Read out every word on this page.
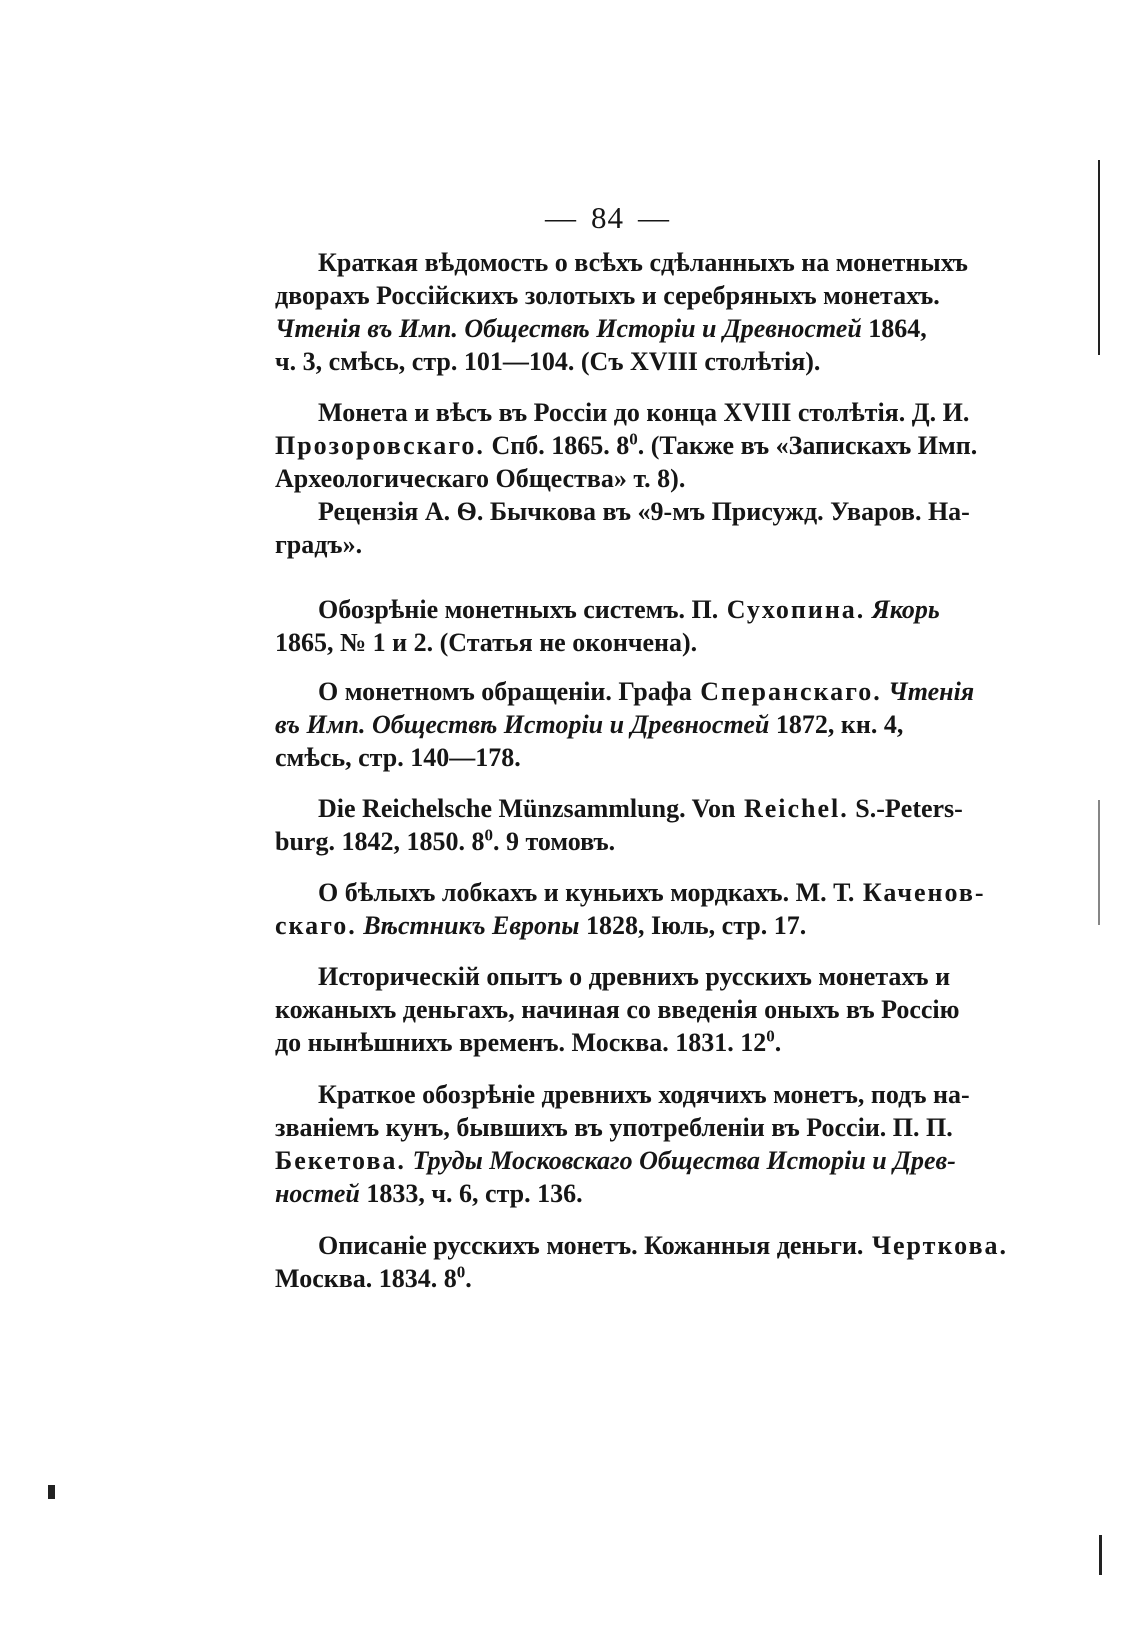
— 84 —
Краткая вѣдомость о всѣхъ сдѣланныхъ на монетныхъ
дворахъ Россійскихъ золотыхъ и серебряныхъ монетахъ.
Чтенія въ Имп. Обществѣ Исторіи и Древностей 1864,
ч. 3, смѣсь, стр. 101—104. (Съ XVIII столѣтія).
Монета и вѣсъ въ Россіи до конца XVIII столѣтія. Д. И.
Прозоровскаго. Спб. 1865. $8^0$. (Также въ «Запискахъ Имп.
Археологическаго Общества» т. 8).
Рецензія А. Ѳ. Бычкова въ «9-мъ Присужд. Уваров. На-
градъ».
Обозрѣніе монетныхъ системъ. П. Сухопина. Якорь
1865, № 1 и 2. (Статья не окончена).
О монетномъ обращеніи. Графа Сперанскаго. Чтенія
въ Имп. Обществѣ Исторіи и Древностей 1872, кн. 4,
смѣсь, стр. 140—178.
Die Reichelsche Münzsammlung. Von Reichel. S.-Peters-
burg. 1842, 1850. $8^0$. 9 томовъ.
О бѣлыхъ лобкахъ и куньихъ мордкахъ. М. Т. Каченов-
скаго. Вѣстникъ Европы 1828, Іюль, стр. 17.
Историческій опытъ о древнихъ русскихъ монетахъ и
кожаныхъ деньгахъ, начиная со введенія оныхъ въ Россію
до нынѣшнихъ временъ. Москва. 1831. $12^0$.
Краткое обозрѣніе древнихъ ходячихъ монетъ, подъ на-
званіемъ кунъ, бывшихъ въ употребленіи въ Россіи. П. П.
Бекетова. Труды Московскаго Общества Исторіи и Древ-
ностей 1833, ч. 6, стр. 136.
Описаніе русскихъ монетъ. Кожанныя деньги. Черткова.
Москва. 1834. $8^0$.
